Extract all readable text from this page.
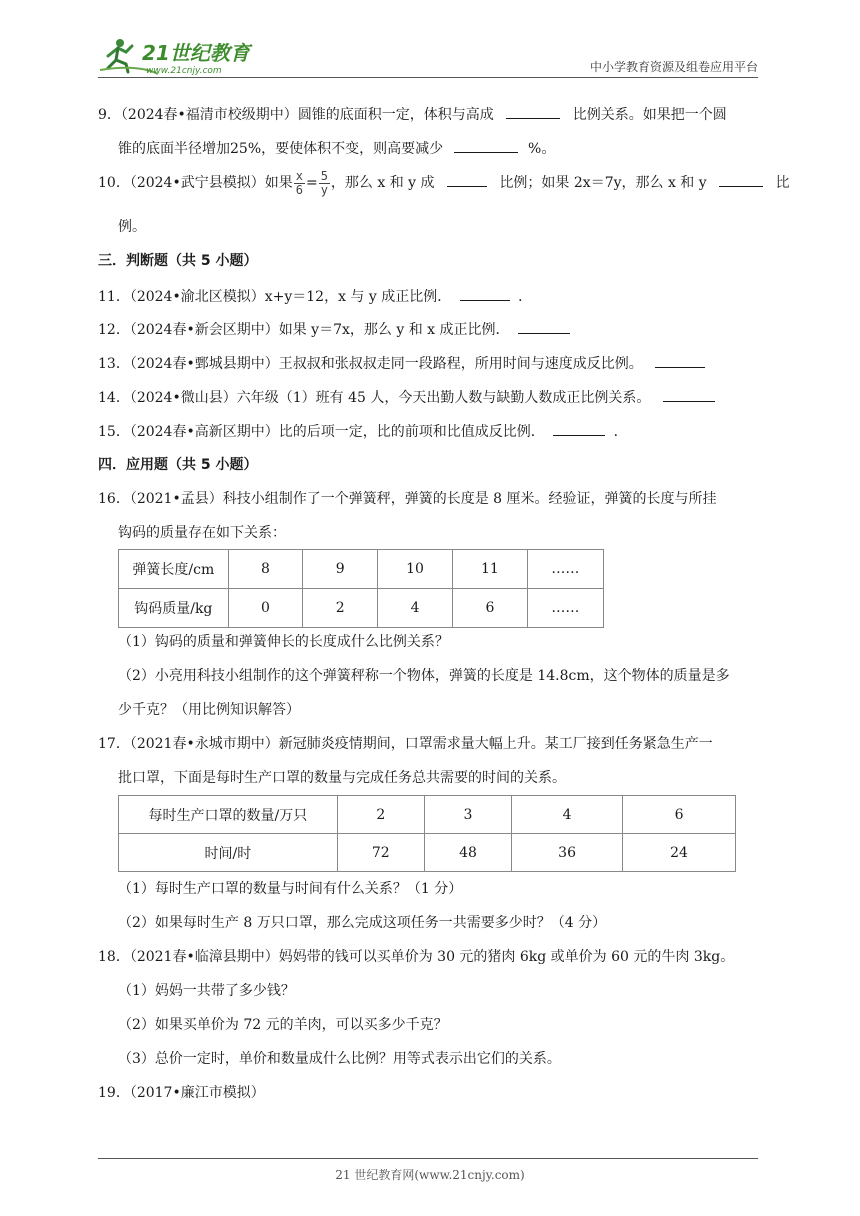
21世纪教育
www.21cnjy.com	中小学教育资源及组卷应用平台
9．（2024春•福清市校级期中）圆锥的底面积一定，体积与高成	比例关系。如果把一个圆
锥的底面半径增加25%，要使体积不变，则高要减少	%。
10．（2024•武宁县模拟）如果 $\frac{x}{6} = \frac{5}{y}$ ，那么 x 和 y 成	比例；如果 2x＝7y，那么 x 和 y	比
例。
三．判断题（共 5 小题）
11．（2024•渝北区模拟）x+y＝12，x 与 y 成正比例．	．
12．（2024春•新会区期中）如果 y＝7x，那么 y 和 x 成正比例．
13．（2024春•鄄城县期中）王叔叔和张叔叔走同一段路程，所用时间与速度成反比例。
14．（2024•微山县）六年级（1）班有 45 人，今天出勤人数与缺勤人数成正比例关系。
15．（2024春•高新区期中）比的后项一定，比的前项和比值成反比例．	．
四．应用题（共 5 小题）
16．（2021•孟县）科技小组制作了一个弹簧秤，弹簧的长度是 8 厘米。经验证，弹簧的长度与所挂
钩码的质量存在如下关系：
弹簧长度/cm	8	9	10	11	……
钩码质量/kg	0	2	4	6	……
（1）钩码的质量和弹簧伸长的长度成什么比例关系？
（2）小亮用科技小组制作的这个弹簧秤称一个物体，弹簧的长度是 14.8cm，这个物体的质量是多
少千克？（用比例知识解答）
17．（2021春•永城市期中）新冠肺炎疫情期间，口罩需求量大幅上升。某工厂接到任务紧急生产一
批口罩，下面是每时生产口罩的数量与完成任务总共需要的时间的关系。
每时生产口罩的数量/万只	2	3	4	6
时间/时	72	48	36	24
（1）每时生产口罩的数量与时间有什么关系？（1 分）
（2）如果每时生产 8 万只口罩，那么完成这项任务一共需要多少时？（4 分）
18．（2021春•临漳县期中）妈妈带的钱可以买单价为 30 元的猪肉 6kg 或单价为 60 元的牛肉 3kg。
（1）妈妈一共带了多少钱？
（2）如果买单价为 72 元的羊肉，可以买多少千克？
（3）总价一定时，单价和数量成什么比例？用等式表示出它们的关系。
19．（2017•廉江市模拟）
21 世纪教育网(www.21cnjy.com)
